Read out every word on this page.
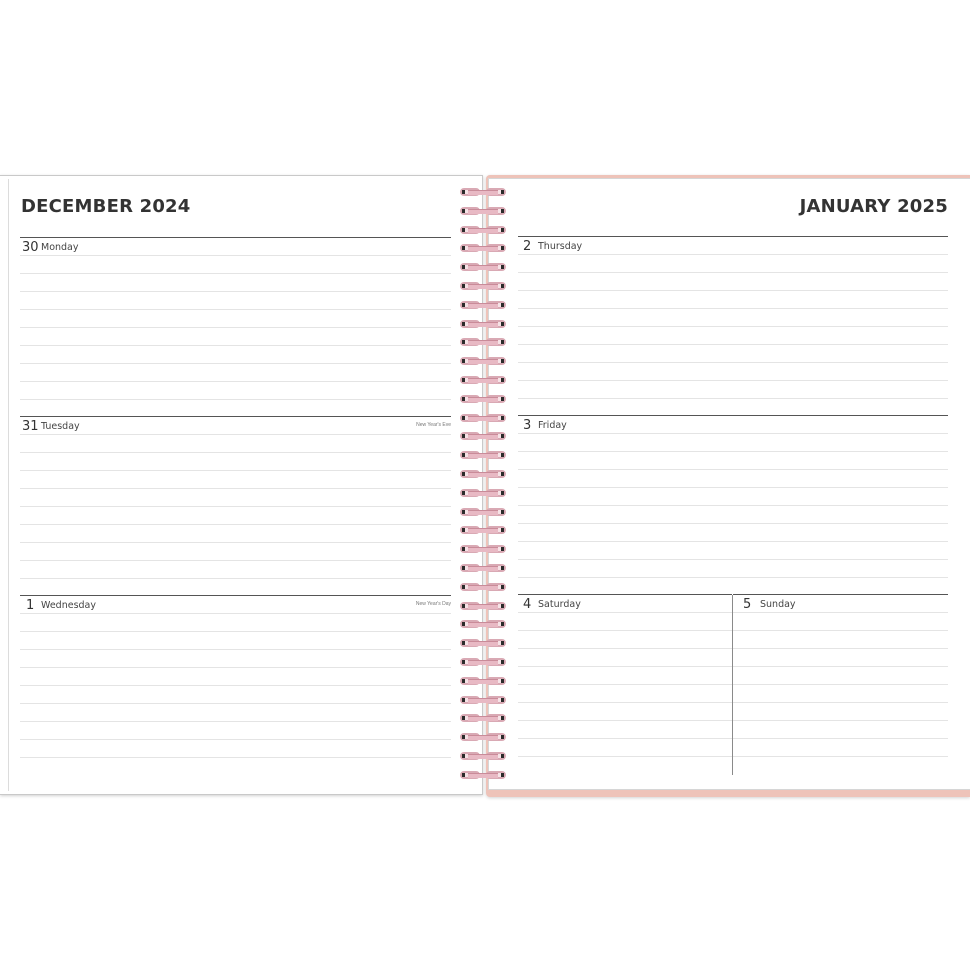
DECEMBER 2024	JANUARY 2025
30 Monday
31 Tuesday	New Year's Eve
1 Wednesday	New Year's Day
2 Thursday
3 Friday
4 Saturday	5 Sunday
